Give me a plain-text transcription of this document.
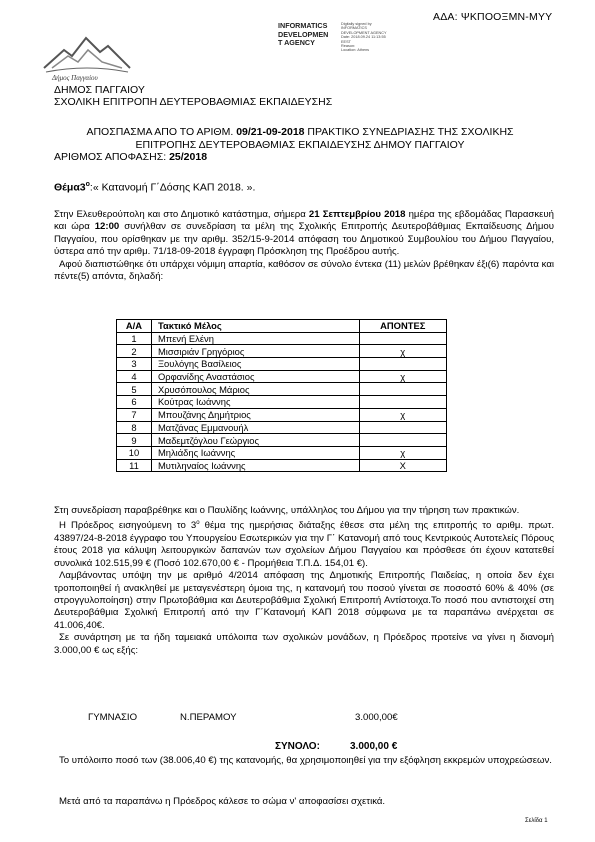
ΑΔΑ: ΨΚΠΟΟΞΜΝ-ΜΥΥ
Δήμος Παγγαίου
INFORMATICS
DEVELOPMEN
T AGENCY
Digitally signed by
INFORMATICS
DEVELOPMENT AGENCY
Date: 2018.09.24 11:13:55
EEST
Reason:
Location: Athens
ΔΗΜΟΣ ΠΑΓΓΑΙΟΥ
ΣΧΟΛΙΚΗ ΕΠΙΤΡΟΠΗ ΔΕΥΤΕΡΟΒΑΘΜΙΑΣ ΕΚΠΑΙΔΕΥΣΗΣ
ΑΠΟΣΠΑΣΜΑ ΑΠΟ ΤΟ ΑΡΙΘΜ. 09/21-09-2018 ΠΡΑΚΤΙΚΟ ΣΥΝΕΔΡΙΑΣΗΣ ΤΗΣ ΣΧΟΛΙΚΗΣ
ΕΠΙΤΡΟΠΗΣ ΔΕΥΤΕΡΟΒΑΘΜΙΑΣ ΕΚΠΑΙΔΕΥΣΗΣ ΔΗΜΟΥ ΠΑΓΓΑΙΟΥ
ΑΡΙΘΜΟΣ ΑΠΟΦΑΣΗΣ: 25/2018
$\Theta έ\mu\alpha 3^o:«$ Κατανομή Γ΄Δόσης ΚΑΠ 2018. ».

Στην Ελευθερούπολη και στο Δημοτικό κατάστημα, σήμερα 21 Σεπτεμβρίου 2018 ημέρα της εβδομάδας Παρασκευή και ώρα 12:00 συνήλθαν σε συνεδρίαση τα μέλη της Σχολικής Επιτροπής Δευτεροβάθμιας Εκπαίδευσης Δήμου Παγγαίου, που ορίσθηκαν με την αριθμ. 352/15-9-2014 απόφαση του Δημοτικού Συμβουλίου του Δήμου Παγγαίου, ύστερα από την αριθμ. 71/18-09-2018 έγγραφη Πρόσκληση της Προέδρου αυτής.

Αφού διαπιστώθηκε ότι υπάρχει νόμιμη απαρτία, καθόσον σε σύνολο έντεκα (11) μελών βρέθηκαν έξι(6) παρόντα και πέντε(5) απόντα, δηλαδή:

Α/Α	Τακτικό Μέλος	ΑΠΟΝΤΕΣ
1	Μπενή Ελένη	
2	Μισσιριάν Γρηγόριος	χ
3	Ξουλόγης Βασίλειος	
4	Ορφανίδης Αναστάσιος	χ
5	Χρυσόπουλος Μάριος	
6	Κούτρας Ιωάννης	
7	Μπουζάνης Δημήτριος	χ
8	Ματζάνας Εμμανουήλ	
9	Μαδεμτζόγλου Γεώργιος	
10	Μηλιάδης Ιωάννης	χ
11	Μυτιληναίος Ιωάννης	Χ

Στη συνεδρίαση παραβρέθηκε και ο Παυλίδης Ιωάννης, υπάλληλος του Δήμου για την τήρηση των πρακτικών.

Η Πρόεδρος εισηγούμενη το $3^o$ θέμα της ημερήσιας διάταξης έθεσε στα μέλη της επιτροπής το αριθμ. πρωτ. 43897/24-8-2018 έγγραφο του Υπουργείου Εσωτερικών για την Γ΄ Κατανομή από τους Κεντρικούς Αυτοτελείς Πόρους έτους 2018 για κάλυψη λειτουργικών δαπανών των σχολείων Δήμου Παγγαίου και πρόσθεσε ότι έχουν κατατεθεί συνολικά 102.515,99 € (Ποσό 102.670,00 € - Προμήθεια Τ.Π.Δ. 154,01 €).

Λαμβάνοντας υπόψη την με αριθμό 4/2014 απόφαση της Δημοτικής Επιτροπής Παιδείας, η οποία δεν έχει τροποποιηθεί ή ανακληθεί με μεταγενέστερη όμοια της, η κατανομή του ποσού γίνεται σε ποσοστό 60% & 40% (σε στρογγυλοποίηση) στην Πρωτοβάθμια και Δευτεροβάθμια Σχολική Επιτροπή Αντίστοιχα.Το ποσό που αντιστοιχεί στη Δευτεροβάθμια Σχολική Επιτροπή από την Γ΄Κατανομή ΚΑΠ 2018 σύμφωνα με τα παραπάνω ανέρχεται σε 41.006,40€.

Σε συνάρτηση με τα ήδη ταμειακά υπόλοιπα των σχολικών μονάδων, η Πρόεδρος προτείνε να γίνει η διανομή 3.000,00 € ως εξής:

ΓΥΜΝΑΣΙΟ	Ν.ΠΕΡΑΜΟΥ	3.000,00€
ΣΥΝΟΛΟ:	3.000,00 €

Το υπόλοιπο ποσό των (38.006,40 €) της κατανομής, θα χρησιμοποιηθεί για την εξόφληση εκκρεμών υποχρεώσεων.

Μετά από τα παραπάνω η Πρόεδρος κάλεσε το σώμα ν' αποφασίσει σχετικά.

Σελίδα 1
